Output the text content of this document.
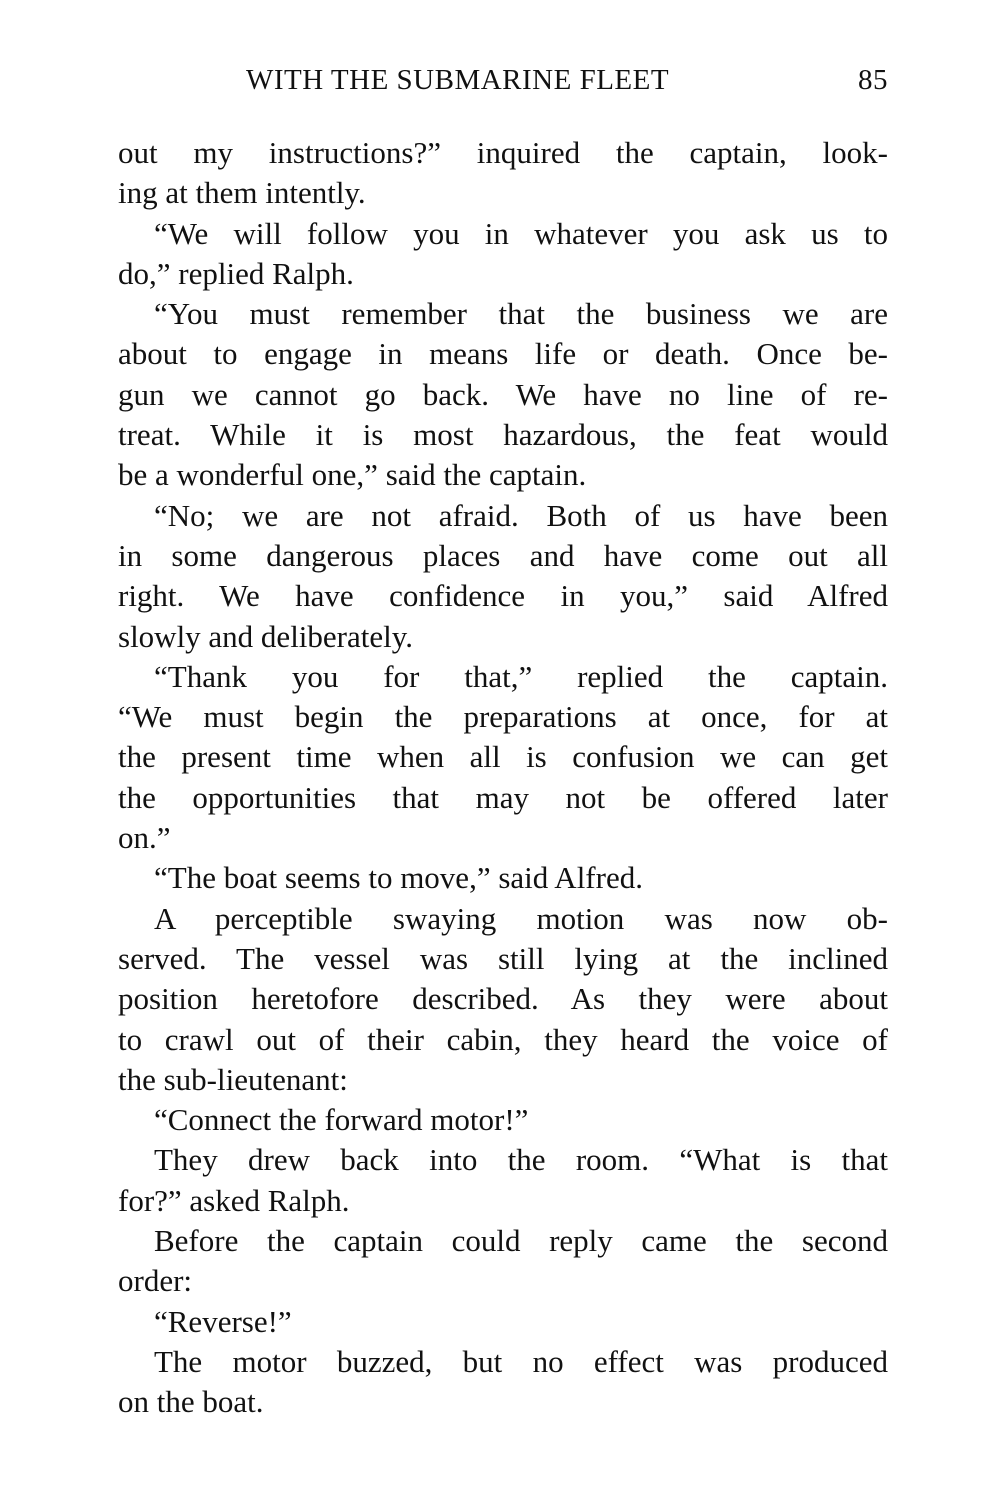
WITH THE SUBMARINE FLEET	85
out my instructions?” inquired the captain, look-
ing at them intently.
“We will follow you in whatever you ask us to
do,” replied Ralph.
“You must remember that the business we are
about to engage in means life or death. Once be-
gun we cannot go back. We have no line of re-
treat. While it is most hazardous, the feat would
be a wonderful one,” said the captain.
“No; we are not afraid. Both of us have been
in some dangerous places and have come out all
right. We have confidence in you,” said Alfred
slowly and deliberately.
“Thank you for that,” replied the captain.
“We must begin the preparations at once, for at
the present time when all is confusion we can get
the opportunities that may not be offered later
on.”
“The boat seems to move,” said Alfred.
A perceptible swaying motion was now ob-
served. The vessel was still lying at the inclined
position heretofore described. As they were about
to crawl out of their cabin, they heard the voice of
the sub-lieutenant:
“Connect the forward motor!”
They drew back into the room. “What is that
for?” asked Ralph.
Before the captain could reply came the second
order:
“Reverse!”
The motor buzzed, but no effect was produced
on the boat.
